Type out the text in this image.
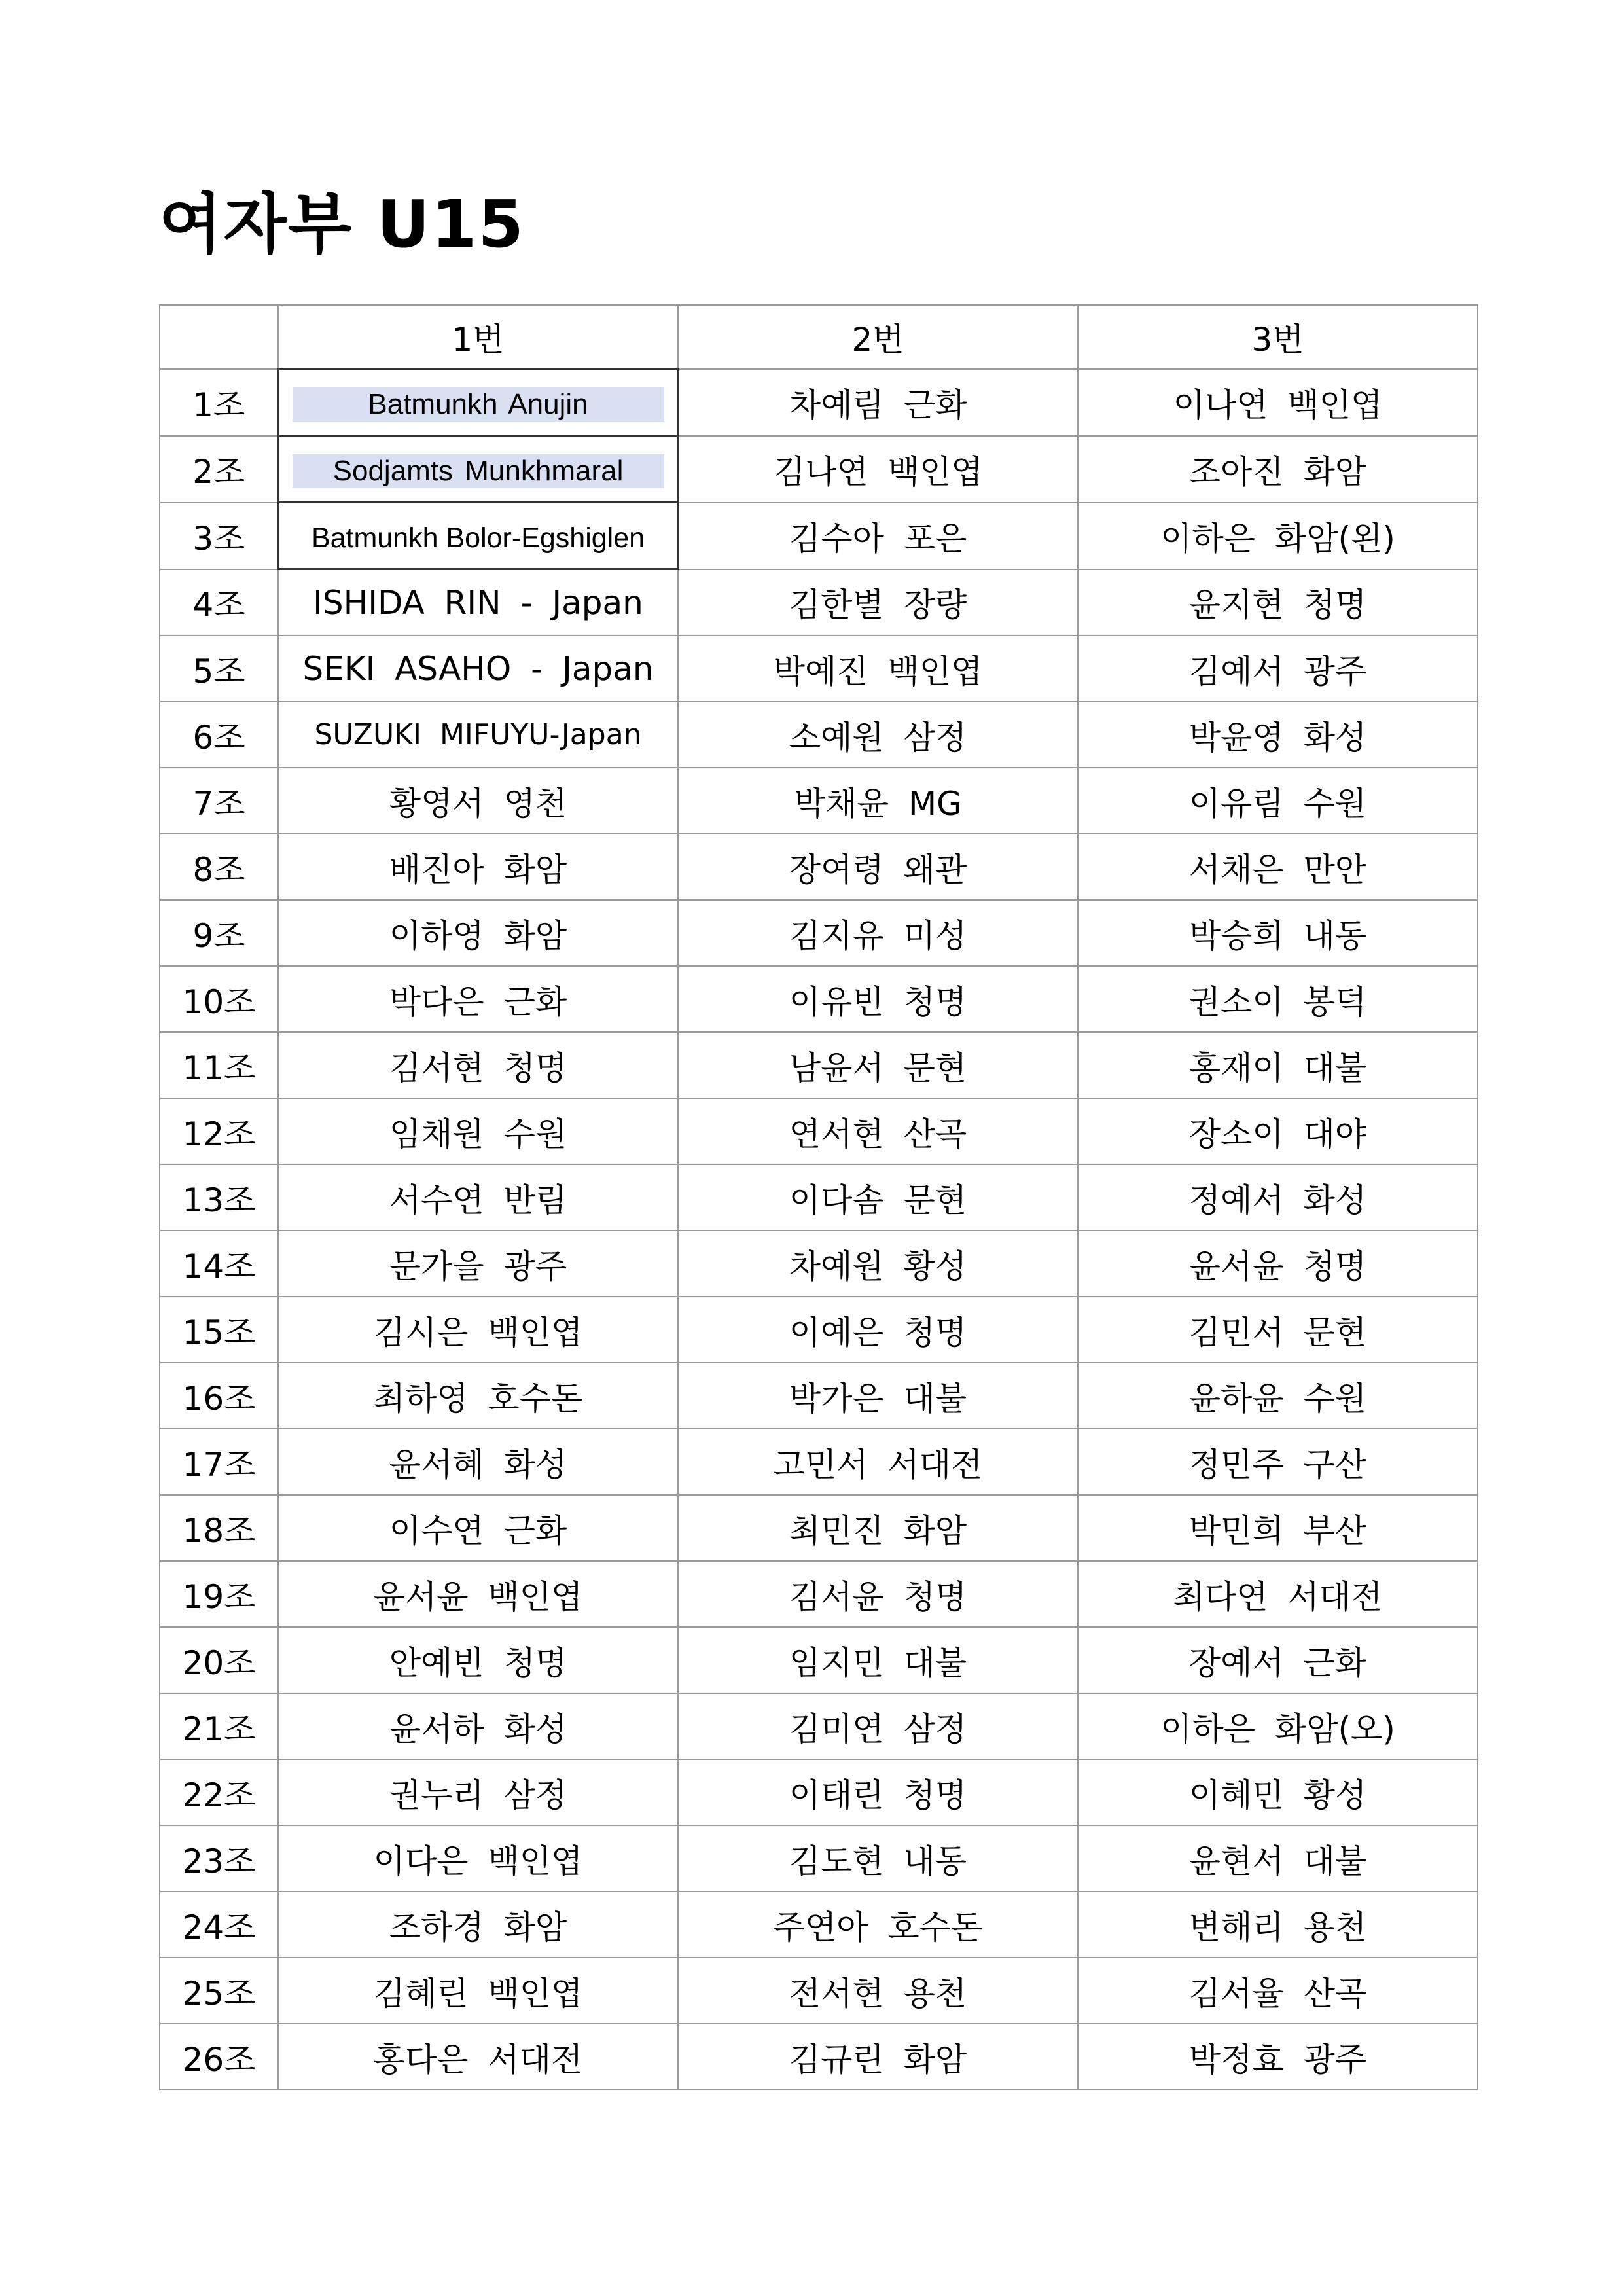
여자부 U15
	1번	2번	3번
1조	Batmunkh Anujin	차예림 근화	이나연 백인엽
2조	Sodjamts Munkhmaral	김나연 백인엽	조아진 화암
3조	Batmunkh Bolor-Egshiglen	김수아 포은	이하은 화암(왼)
4조	ISHIDA RIN - Japan	김한별 장량	윤지현 청명
5조	SEKI ASAHO - Japan	박예진 백인엽	김예서 광주
6조	SUZUKI MIFUYU-Japan	소예원 삼정	박윤영 화성
7조	황영서 영천	박채윤 MG	이유림 수원
8조	배진아 화암	장여령 왜관	서채은 만안
9조	이하영 화암	김지유 미성	박승희 내동
10조	박다은 근화	이유빈 청명	권소이 봉덕
11조	김서현 청명	남윤서 문현	홍재이 대불
12조	임채원 수원	연서현 산곡	장소이 대야
13조	서수연 반림	이다솜 문현	정예서 화성
14조	문가을 광주	차예원 황성	윤서윤 청명
15조	김시은 백인엽	이예은 청명	김민서 문현
16조	최하영 호수돈	박가은 대불	윤하윤 수원
17조	윤서혜 화성	고민서 서대전	정민주 구산
18조	이수연 근화	최민진 화암	박민희 부산
19조	윤서윤 백인엽	김서윤 청명	최다연 서대전
20조	안예빈 청명	임지민 대불	장예서 근화
21조	윤서하 화성	김미연 삼정	이하은 화암(오)
22조	권누리 삼정	이태린 청명	이혜민 황성
23조	이다은 백인엽	김도현 내동	윤현서 대불
24조	조하경 화암	주연아 호수돈	변해리 용천
25조	김혜린 백인엽	전서현 용천	김서율 산곡
26조	홍다은 서대전	김규린 화암	박정효 광주
